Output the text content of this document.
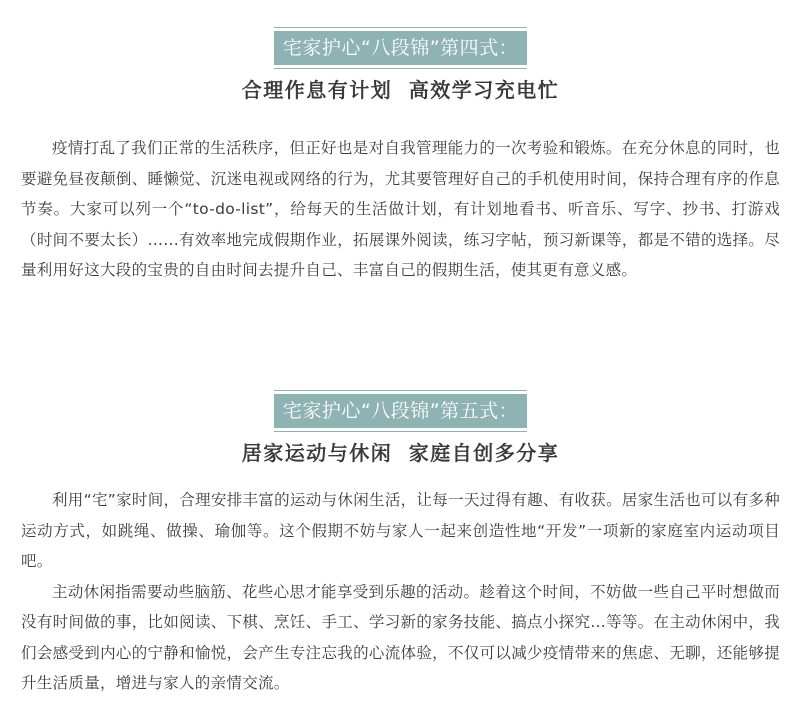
宅家护心“八段锦”第四式：
合理作息有计划 高效学习充电忙

疫情打乱了我们正常的生活秩序，但正好也是对自我管理能力的一次考验和锻炼。在充分休息的同时，也要避免昼夜颠倒、睡懒觉、沉迷电视或网络的行为，尤其要管理好自己的手机使用时间，保持合理有序的作息节奏。大家可以列一个“to-do-list”，给每天的生活做计划，有计划地看书、听音乐、写字、抄书、打游戏（时间不要太长）……有效率地完成假期作业，拓展课外阅读，练习字帖，预习新课等，都是不错的选择。尽量利用好这大段的宝贵的自由时间去提升自己、丰富自己的假期生活，使其更有意义感。

宅家护心“八段锦”第五式：
居家运动与休闲 家庭自创多分享

利用“宅”家时间，合理安排丰富的运动与休闲生活，让每一天过得有趣、有收获。居家生活也可以有多种运动方式，如跳绳、做操、瑜伽等。这个假期不妨与家人一起来创造性地“开发”一项新的家庭室内运动项目吧。

主动休闲指需要动些脑筋、花些心思才能享受到乐趣的活动。趁着这个时间，不妨做一些自己平时想做而没有时间做的事，比如阅读、下棋、烹饪、手工、学习新的家务技能、搞点小探究…等等。在主动休闲中，我们会感受到内心的宁静和愉悦，会产生专注忘我的心流体验，不仅可以减少疫情带来的焦虑、无聊，还能够提升生活质量，增进与家人的亲情交流。
